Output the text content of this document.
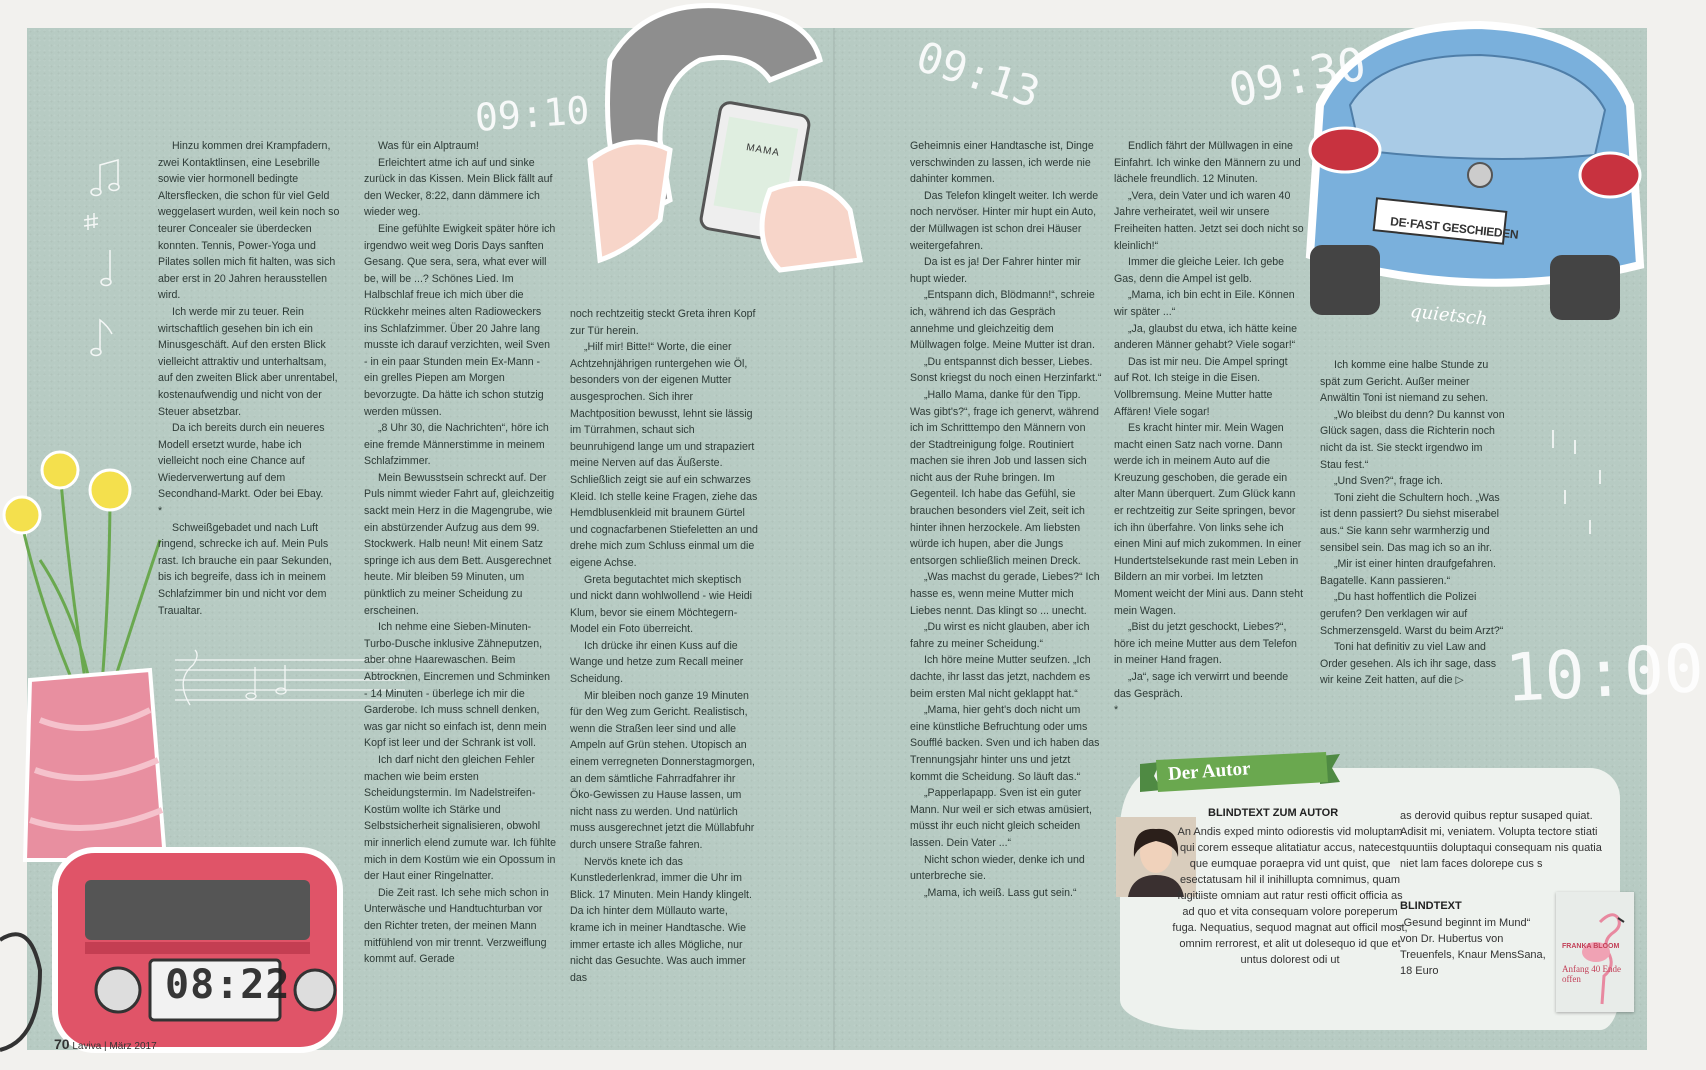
08:22
MAMA
DE·FAST GESCHIEDEN
quietsch
09:10	09:13	09:30
10:00

Hinzu kommen drei Krampfadern, zwei Kontaktlinsen, eine Lesebrille sowie vier hormonell bedingte Altersflecken, die schon für viel Geld weggelasert wurden, weil kein noch so teurer Concealer sie überdecken konnten. Tennis, Power-Yoga und Pilates sollen mich fit halten, was sich aber erst in 20 Jahren herausstellen wird.

Ich werde mir zu teuer. Rein wirtschaftlich gesehen bin ich ein Minusgeschäft. Auf den ersten Blick vielleicht attraktiv und unterhaltsam, auf den zweiten Blick aber unrentabel, kostenaufwendig und nicht von der Steuer absetzbar.

Da ich bereits durch ein neueres Modell ersetzt wurde, habe ich vielleicht noch eine Chance auf Wiederverwertung auf dem Secondhand-Markt. Oder bei Ebay.

*

Schweißgebadet und nach Luft ringend, schrecke ich auf. Mein Puls rast. Ich brauche ein paar Sekunden, bis ich begreife, dass ich in meinem Schlafzimmer bin und nicht vor dem Traualtar.

Was für ein Alptraum!

Erleichtert atme ich auf und sinke zurück in das Kissen. Mein Blick fällt auf den Wecker, 8:22, dann dämmere ich wieder weg.

Eine gefühlte Ewigkeit später höre ich irgendwo weit weg Doris Days sanften Gesang. Que sera, sera, what ever will be, will be ...? Schönes Lied. Im Halbschlaf freue ich mich über die Rückkehr meines alten Radioweckers ins Schlafzimmer. Über 20 Jahre lang musste ich darauf verzichten, weil Sven - in ein paar Stunden mein Ex-Mann - ein grelles Piepen am Morgen bevorzugte. Da hätte ich schon stutzig werden müssen.

„8 Uhr 30, die Nachrichten“, höre ich eine fremde Männerstimme in meinem Schlafzimmer.

Mein Bewusstsein schreckt auf. Der Puls nimmt wieder Fahrt auf, gleichzeitig sackt mein Herz in die Magengrube, wie ein abstürzender Aufzug aus dem 99. Stockwerk. Halb neun! Mit einem Satz springe ich aus dem Bett. Ausgerechnet heute. Mir bleiben 59 Minuten, um pünktlich zu meiner Scheidung zu erscheinen.

Ich nehme eine Sieben-Minuten-Turbo-Dusche inklusive Zähneputzen, aber ohne Haarewaschen. Beim Abtrocknen, Eincremen und Schminken - 14 Minuten - überlege ich mir die Garderobe. Ich muss schnell denken, was gar nicht so einfach ist, denn mein Kopf ist leer und der Schrank ist voll.

Ich darf nicht den gleichen Fehler machen wie beim ersten Scheidungstermin. Im Nadelstreifen-Kostüm wollte ich Stärke und Selbstsicherheit signalisieren, obwohl mir innerlich elend zumute war. Ich fühlte mich in dem Kostüm wie ein Opossum in der Haut einer Ringelnatter.

Die Zeit rast. Ich sehe mich schon in Unterwäsche und Handtuchturban vor den Richter treten, der meinen Mann mitfühlend von mir trennt. Verzweiflung kommt auf. Gerade

noch rechtzeitig steckt Greta ihren Kopf zur Tür herein.

„Hilf mir! Bitte!“ Worte, die einer Achtzehnjährigen runtergehen wie Öl, besonders von der eigenen Mutter ausgesprochen. Sich ihrer Machtposition bewusst, lehnt sie lässig im Türrahmen, schaut sich beunruhigend lange um und strapaziert meine Nerven auf das Äußerste. Schließlich zeigt sie auf ein schwarzes Kleid. Ich stelle keine Fragen, ziehe das Hemdblusenkleid mit braunem Gürtel und cognacfarbenen Stiefeletten an und drehe mich zum Schluss einmal um die eigene Achse.

Greta begutachtet mich skeptisch und nickt dann wohlwollend - wie Heidi Klum, bevor sie einem Möchtegern-Model ein Foto überreicht.

Ich drücke ihr einen Kuss auf die Wange und hetze zum Recall meiner Scheidung.

Mir bleiben noch ganze 19 Minuten für den Weg zum Gericht. Realistisch, wenn die Straßen leer sind und alle Ampeln auf Grün stehen. Utopisch an einem verregneten Donnerstagmorgen, an dem sämtliche Fahrradfahrer ihr Öko-Gewissen zu Hause lassen, um nicht nass zu werden. Und natürlich muss ausgerechnet jetzt die Müllabfuhr durch unsere Straße fahren.

Nervös knete ich das Kunstlederlenkrad, immer die Uhr im Blick. 17 Minuten. Mein Handy klingelt. Da ich hinter dem Müllauto warte, krame ich in meiner Handtasche. Wie immer ertaste ich alles Mögliche, nur nicht das Gesuchte. Was auch immer das

Geheimnis einer Handtasche ist, Dinge verschwinden zu lassen, ich werde nie dahinter kommen.

Das Telefon klingelt weiter. Ich werde noch nervöser. Hinter mir hupt ein Auto, der Müllwagen ist schon drei Häuser weitergefahren.

Da ist es ja! Der Fahrer hinter mir hupt wieder.

„Entspann dich, Blödmann!“, schreie ich, während ich das Gespräch annehme und gleichzeitig dem Müllwagen folge. Meine Mutter ist dran.

„Du entspannst dich besser, Liebes. Sonst kriegst du noch einen Herzinfarkt.“

„Hallo Mama, danke für den Tipp. Was gibt's?“, frage ich genervt, während ich im Schritttempo den Männern von der Stadtreinigung folge. Routiniert machen sie ihren Job und lassen sich nicht aus der Ruhe bringen. Im Gegenteil. Ich habe das Gefühl, sie brauchen besonders viel Zeit, seit ich hinter ihnen herzockele. Am liebsten würde ich hupen, aber die Jungs entsorgen schließlich meinen Dreck.

„Was machst du gerade, Liebes?“ Ich hasse es, wenn meine Mutter mich Liebes nennt. Das klingt so ... unecht.

„Du wirst es nicht glauben, aber ich fahre zu meiner Scheidung.“

Ich höre meine Mutter seufzen. „Ich dachte, ihr lasst das jetzt, nachdem es beim ersten Mal nicht geklappt hat.“

„Mama, hier geht's doch nicht um eine künstliche Befruchtung oder ums Soufflé backen. Sven und ich haben das Trennungsjahr hinter uns und jetzt kommt die Scheidung. So läuft das.“

„Papperlapapp. Sven ist ein guter Mann. Nur weil er sich etwas amüsiert, müsst ihr euch nicht gleich scheiden lassen. Dein Vater ...“

Nicht schon wieder, denke ich und unterbreche sie.

„Mama, ich weiß. Lass gut sein.“

Endlich fährt der Müllwagen in eine Einfahrt. Ich winke den Männern zu und lächele freundlich. 12 Minuten.

„Vera, dein Vater und ich waren 40 Jahre verheiratet, weil wir unsere Freiheiten hatten. Jetzt sei doch nicht so kleinlich!“

Immer die gleiche Leier. Ich gebe Gas, denn die Ampel ist gelb.

„Mama, ich bin echt in Eile. Können wir später ...“

„Ja, glaubst du etwa, ich hätte keine anderen Männer gehabt? Viele sogar!“

Das ist mir neu. Die Ampel springt auf Rot. Ich steige in die Eisen. Vollbremsung. Meine Mutter hatte Affären! Viele sogar!

Es kracht hinter mir. Mein Wagen macht einen Satz nach vorne. Dann werde ich in meinem Auto auf die Kreuzung geschoben, die gerade ein alter Mann überquert. Zum Glück kann er rechtzeitig zur Seite springen, bevor ich ihn überfahre. Von links sehe ich einen Mini auf mich zukommen. In einer Hundertstelsekunde rast mein Leben in Bildern an mir vorbei. Im letzten Moment weicht der Mini aus. Dann steht mein Wagen.

„Bist du jetzt geschockt, Liebes?“, höre ich meine Mutter aus dem Telefon in meiner Hand fragen.

„Ja“, sage ich verwirrt und beende das Gespräch.

*

Ich komme eine halbe Stunde zu spät zum Gericht. Außer meiner Anwältin Toni ist niemand zu sehen.

„Wo bleibst du denn? Du kannst von Glück sagen, dass die Richterin noch nicht da ist. Sie steckt irgendwo im Stau fest.“

„Und Sven?“, frage ich.

Toni zieht die Schultern hoch. „Was ist denn passiert? Du siehst miserabel aus.“ Sie kann sehr warmherzig und sensibel sein. Das mag ich so an ihr.

„Mir ist einer hinten draufgefahren. Bagatelle. Kann passieren.“

„Du hast hoffentlich die Polizei gerufen? Den verklagen wir auf Schmerzensgeld. Warst du beim Arzt?“

Toni hat definitiv zu viel Law and Order gesehen. Als ich ihr sage, dass wir keine Zeit hatten, auf die ▷

Der Autor
BLINDTEXT ZUM AUTOR

An Andis exped minto odiorestis vid moluptam qui corem esseque alitatiatur accus, natecest que eumquae poraepra vid unt quist, que esectatusam hil il inihillupta comnimus, quam fugitiiste omniam aut ratur resti officit officia as ad quo et vita consequam volore poreperum fuga. Nequatius, sequod magnat aut officil most, omnim rerrorest, et alit ut dolesequo id que et untus dolorest odi ut

as derovid quibus reptur susaped quiat. Adisit mi, veniatem. Volupta tectore stiati quuntiis doluptaqui consequam nis quatia niet lam faces dolorepe cus s

BLINDTEXT

„Gesund beginnt im Mund“ von Dr. Hubertus von Treuenfels, Knaur MensSana, 18 Euro

FRANKA BLOOM
Anfang 40 Ende offen
70 Laviva | März 2017
